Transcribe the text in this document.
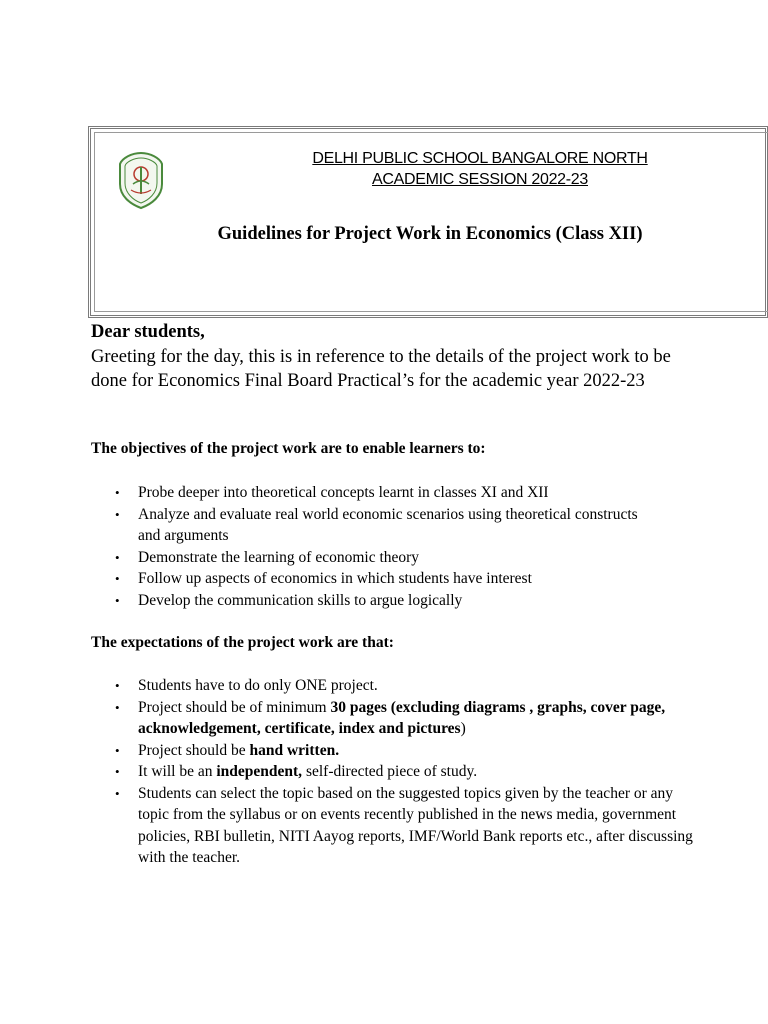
DELHI PUBLIC SCHOOL BANGALORE NORTH
ACADEMIC SESSION 2022-23
Guidelines for Project Work in Economics (Class XII)
Dear students,
Greeting for the day, this is in reference to the details of the project work to be done for Economics Final Board Practical’s for the academic year 2022-23
The objectives of the project work are to enable learners to:
• Probe deeper into theoretical concepts learnt in classes XI and XII
• Analyze and evaluate real world economic scenarios using theoretical constructs and arguments
• Demonstrate the learning of economic theory
• Follow up aspects of economics in which students have interest
• Develop the communication skills to argue logically
The expectations of the project work are that:
• Students have to do only ONE project.
• Project should be of minimum 30 pages (excluding diagrams , graphs, cover page, acknowledgement, certificate, index and pictures)
• Project should be hand written.
• It will be an independent, self-directed piece of study.
• Students can select the topic based on the suggested topics given by the teacher or any topic from the syllabus or on events recently published in the news media, government policies, RBI bulletin, NITI Aayog reports, IMF/World Bank reports etc., after discussing with the teacher.
